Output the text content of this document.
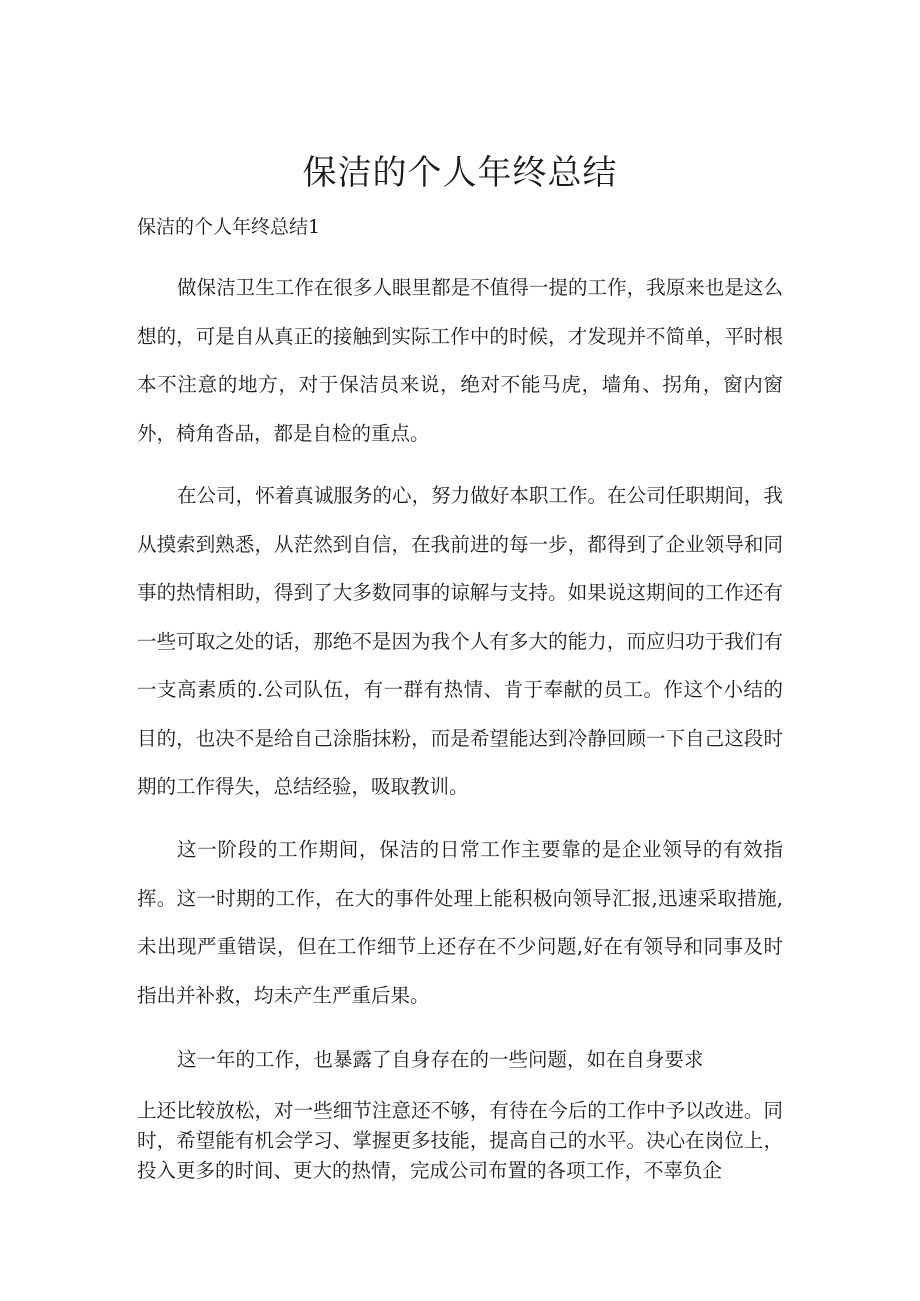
保洁的个人年终总结

保洁的个人年终总结1

做保洁卫生工作在很多人眼里都是不值得一提的工作，我原来也是这么想的，可是自从真正的接触到实际工作中的时候，才发现并不简单，平时根本不注意的地方，对于保洁员来说，绝对不能马虎，墙角、拐角，窗内窗外，椅角沓品，都是自检的重点。

在公司，怀着真诚服务的心，努力做好本职工作。在公司任职期间，我从摸索到熟悉，从茫然到自信，在我前进的每一步，都得到了企业领导和同事的热情相助，得到了大多数同事的谅解与支持。如果说这期间的工作还有一些可取之处的话，那绝不是因为我个人有多大的能力，而应归功于我们有一支高素质的.公司队伍，有一群有热情、肯于奉献的员工。作这个小结的目的，也决不是给自己涂脂抹粉，而是希望能达到冷静回顾一下自己这段时期的工作得失，总结经验，吸取教训。

这一阶段的工作期间，保洁的日常工作主要靠的是企业领导的有效指挥。这一时期的工作，在大的事件处理上能积极向领导汇报,迅速采取措施,未出现严重错误，但在工作细节上还存在不少问题,好在有领导和同事及时指出并补救，均未产生严重后果。

这一年的工作，也暴露了自身存在的一些问题，如在自身要求

上还比较放松，对一些细节注意还不够，有待在今后的工作中予以改进。同时，希望能有机会学习、掌握更多技能，提高自己的水平。决心在岗位上，投入更多的时间、更大的热情，完成公司布置的各项工作，不辜负企
